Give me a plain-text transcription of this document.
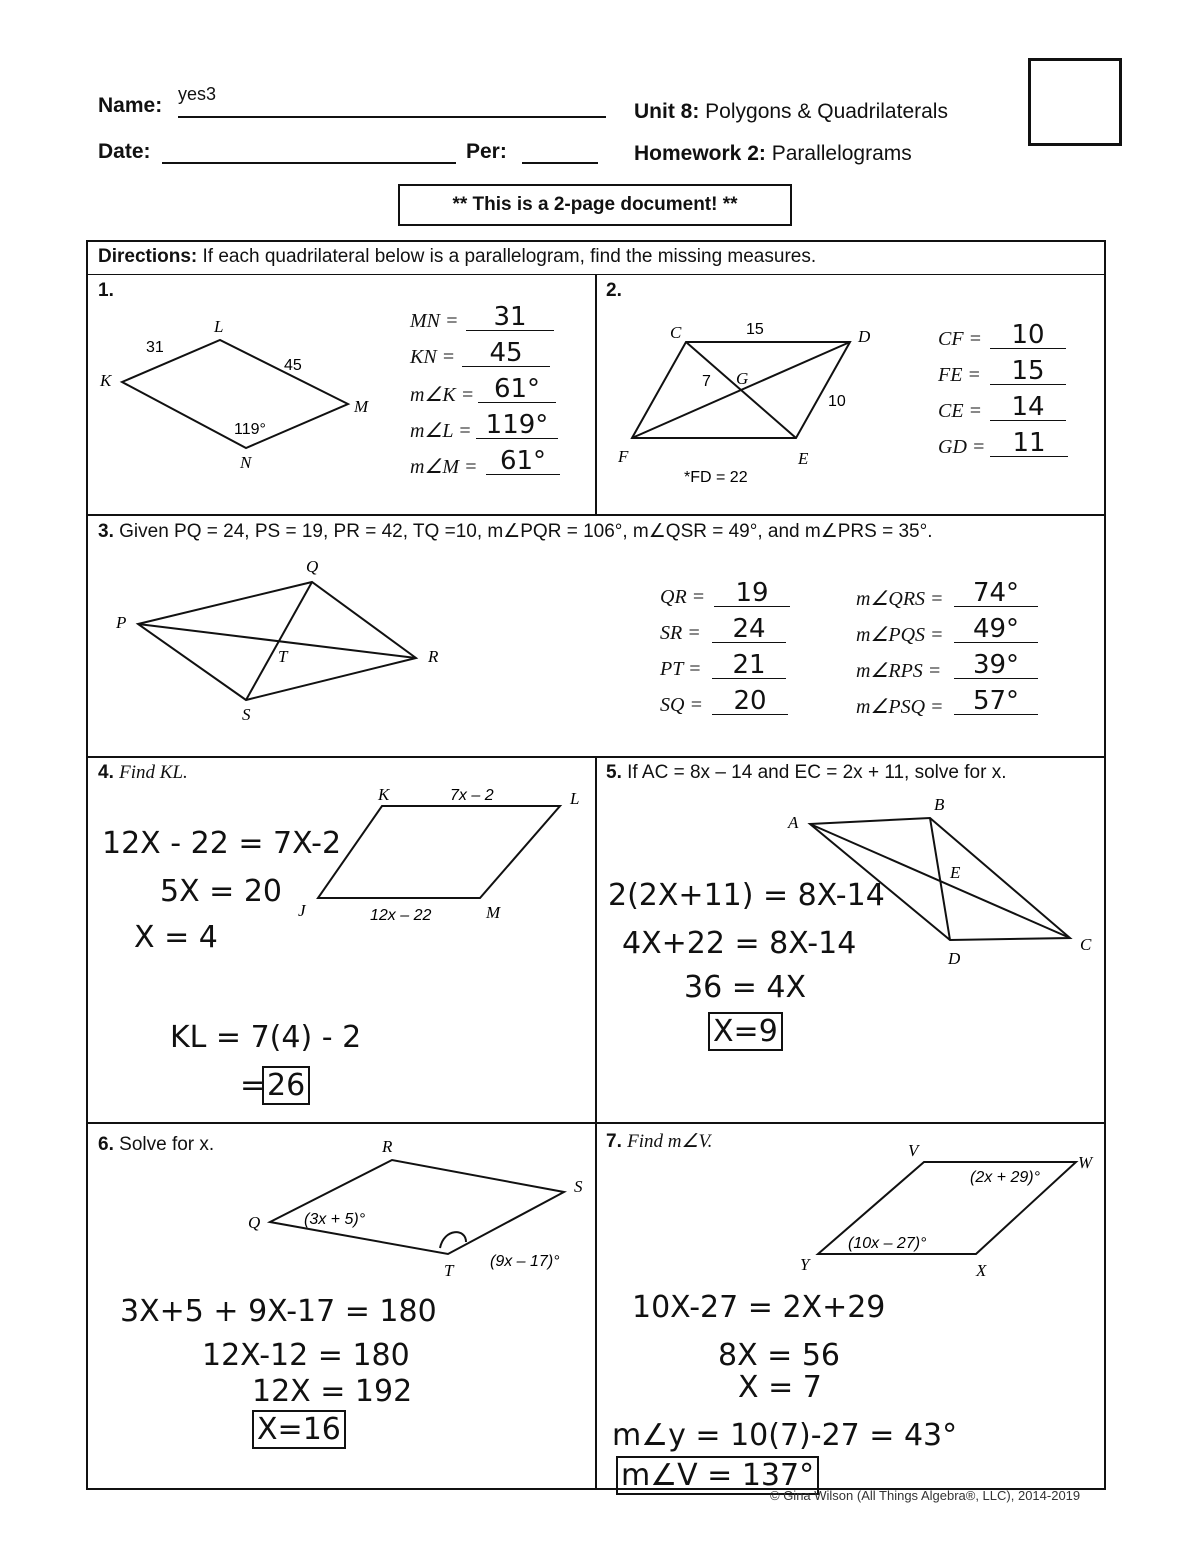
Name: yes3
Date:	Per:
Unit 8: Polygons & Quadrilaterals
Homework 2: Parallelograms
** This is a 2-page document! **
Directions: If each quadrilateral below is a parallelogram, find the missing measures.
1.
K
L
M
N
31
45
119°
MN =	31
KN =	45
m∠K = 61°
m∠L = 119°
m∠M = 61°
2.
C	D
E
F
G
15
7
10
*FD = 22
CF =	10
FE =	15
CE =	14
GD =	11
3. Given PQ = 24, PS = 19, PR = 42, TQ =10, m∠PQR = 106°, m∠QSR = 49°, and m∠PRS = 35°.
P
Q
R
S
T
QR =	19
SR =	24
PT =	21
SQ =	20
m∠QRS =	74°
m∠PQS =	49°
m∠RPS =	39°
m∠PSQ =	57°
4. Find KL.
K	L
M
J
7x – 2
12x – 22
12X - 22 = 7X-2
5X = 20
X = 4
KL = 7(4) - 2
= 26
5. If AC = 8x – 14 and EC = 2x + 11, solve for x.
A
B
C
D
E
2(2X+11) = 8X-14
4X+22 = 8X-14
36 = 4X
X=9
6. Solve for x.
Q
R
S
T
(3x + 5)°
(9x – 17)°
3X+5 + 9X-17 = 180
12X-12 = 180
12X = 192
X=16
7. Find m∠V.	V
W
X
Y
(2x + 29)°
(10x – 27)°
10X-27 = 2X+29
8X = 56
X = 7
m∠y = 10(7)-27 = 43°
m∠V = 137°
© Gina Wilson (All Things Algebra®, LLC), 2014-2019
